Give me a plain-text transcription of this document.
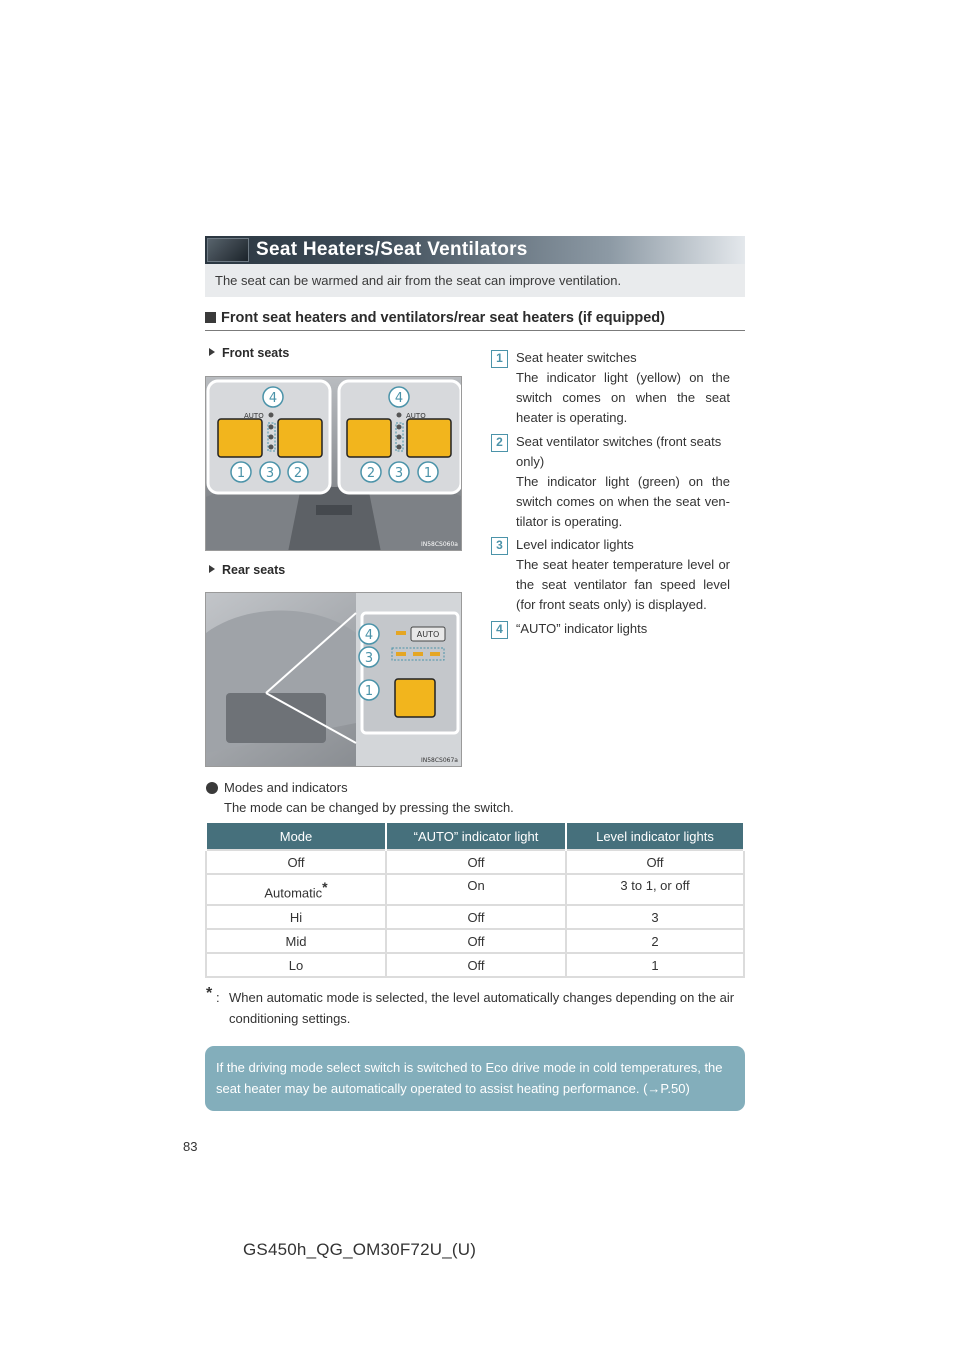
Seat Heaters/Seat Ventilators
The seat can be warmed and air from the seat can improve ventilation.
Front seat heaters and ventilators/rear seat heaters (if equipped)
Front seats
AUTO	AUTO
4
1 3 2
4
2 3 1
IN58CS060a
Rear seats
AUTO
4
3
1
IN58CS067a
1	Seat heater switches
The indicator light (yellow) on the switch comes on when the seat heater is operating.
2	Seat ventilator switches (front seats only)
The indicator light (green) on the switch comes on when the seat ven-tilator is operating.
3	Level indicator lights
The seat heater temperature level or the seat ventilator fan speed level (for front seats only) is displayed.
4	“AUTO” indicator lights
Modes and indicators
The mode can be changed by pressing the switch.
Mode	“AUTO” indicator light	Level indicator lights
Off	Off	Off
Automatic*	On	3 to 1, or off
Hi	Off	3
Mid	Off	2
Lo	Off	1
* : When automatic mode is selected, the level automatically changes depending on the air conditioning settings.
If the driving mode select switch is switched to Eco drive mode in cold temperatures, the seat heater may be automatically operated to assist heating performance. (→P.50)
83
GS450h_QG_OM30F72U_(U)
